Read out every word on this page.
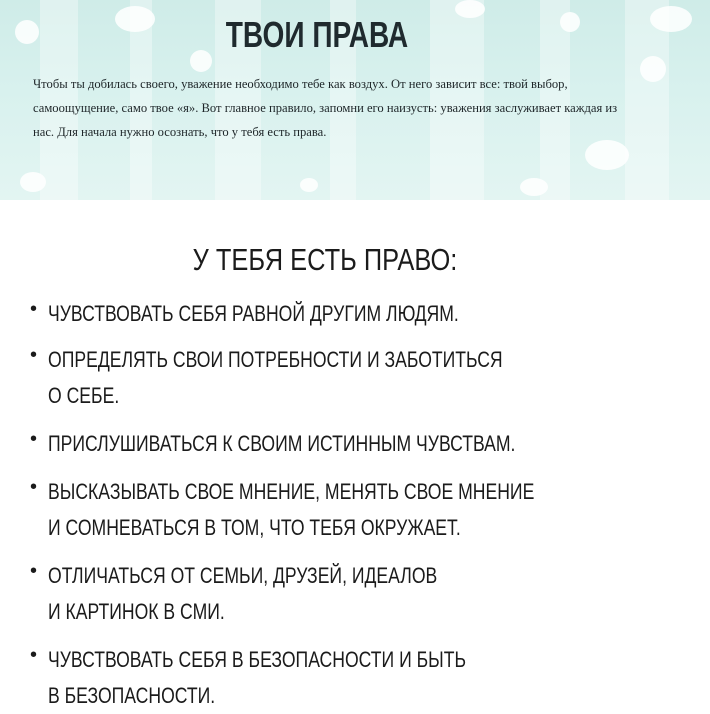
ТВОИ ПРАВА

Чтобы ты добилась своего, уважение необходимо тебе как воздух. От него зависит все: твой выбор, самоощущение, само твое «я». Вот главное правило, запомни его наизусть: уважения заслуживает каждая из нас. Для начала нужно осознать, что у тебя есть права.

У ТЕБЯ ЕСТЬ ПРАВО:
• ЧУВСТВОВАТЬ СЕБЯ РАВНОЙ ДРУГИМ ЛЮДЯМ.
• ОПРЕДЕЛЯТЬ СВОИ ПОТРЕБНОСТИ И ЗАБОТИТЬСЯ
О СЕБЕ.
• ПРИСЛУШИВАТЬСЯ К СВОИМ ИСТИННЫМ ЧУВСТВАМ.
• ВЫСКАЗЫВАТЬ СВОЕ МНЕНИЕ, МЕНЯТЬ СВОЕ МНЕНИЕ
И СОМНЕВАТЬСЯ В ТОМ, ЧТО ТЕБЯ ОКРУЖАЕТ.
• ОТЛИЧАТЬСЯ ОТ СЕМЬИ, ДРУЗЕЙ, ИДЕАЛОВ
И КАРТИНОК В СМИ.
• ЧУВСТВОВАТЬ СЕБЯ В БЕЗОПАСНОСТИ И БЫТЬ
В БЕЗОПАСНОСТИ.
